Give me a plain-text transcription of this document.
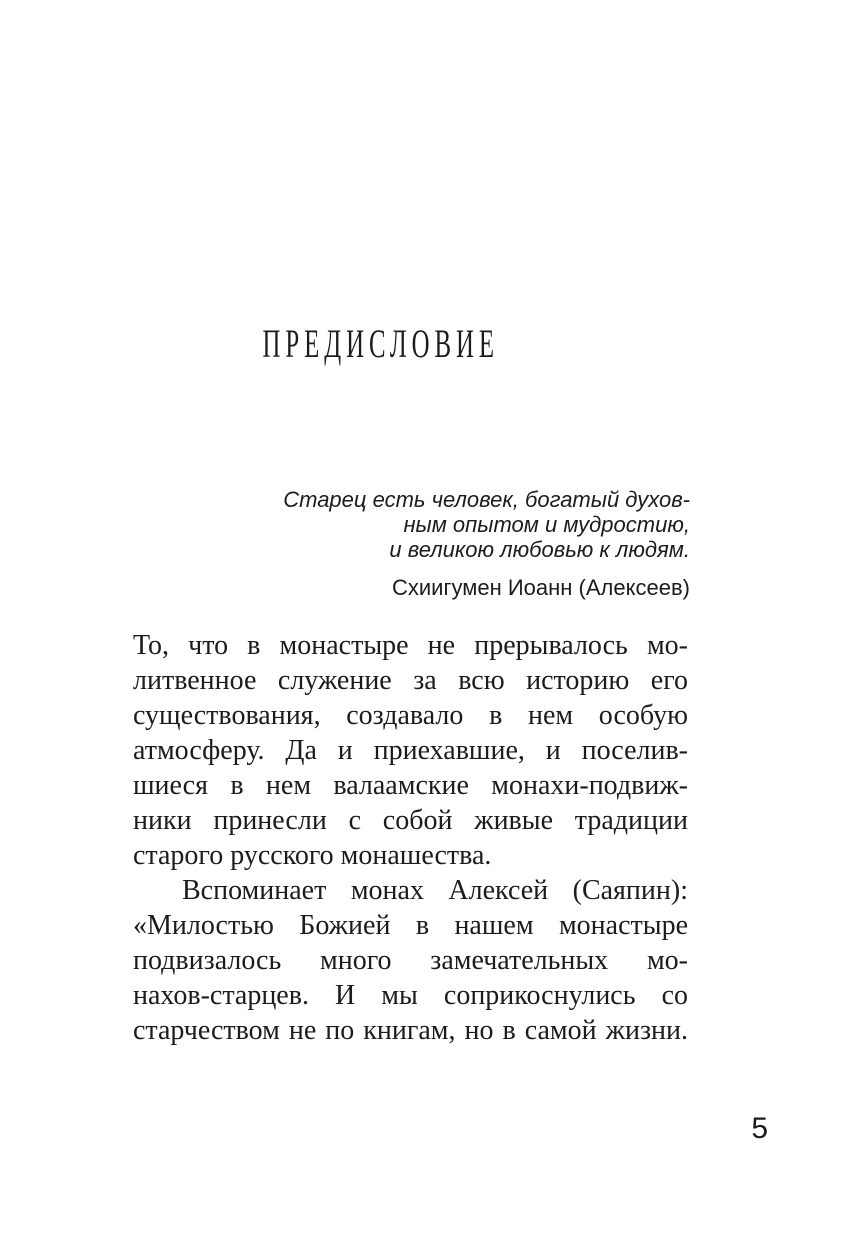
ПРЕДИСЛОВИЕ
Старец есть человек, богатый духов-
ным опытом и мудростию,
и великою любовью к людям.
Схиигумен Иоанн (Алексеев)
То, что в монастыре не прерывалось мо-
литвенное служение за всю историю его
существования, создавало в нем особую
атмосферу. Да и приехавшие, и поселив-
шиеся в нем валаамские монахи-подвиж-
ники принесли с собой живые традиции
старого русского монашества.
Вспоминает монах Алексей (Саяпин):
«Милостью Божией в нашем монастыре
подвизалось много замечательных мо-
нахов-старцев. И мы соприкоснулись со
старчеством не по книгам, но в самой жизни.
5
